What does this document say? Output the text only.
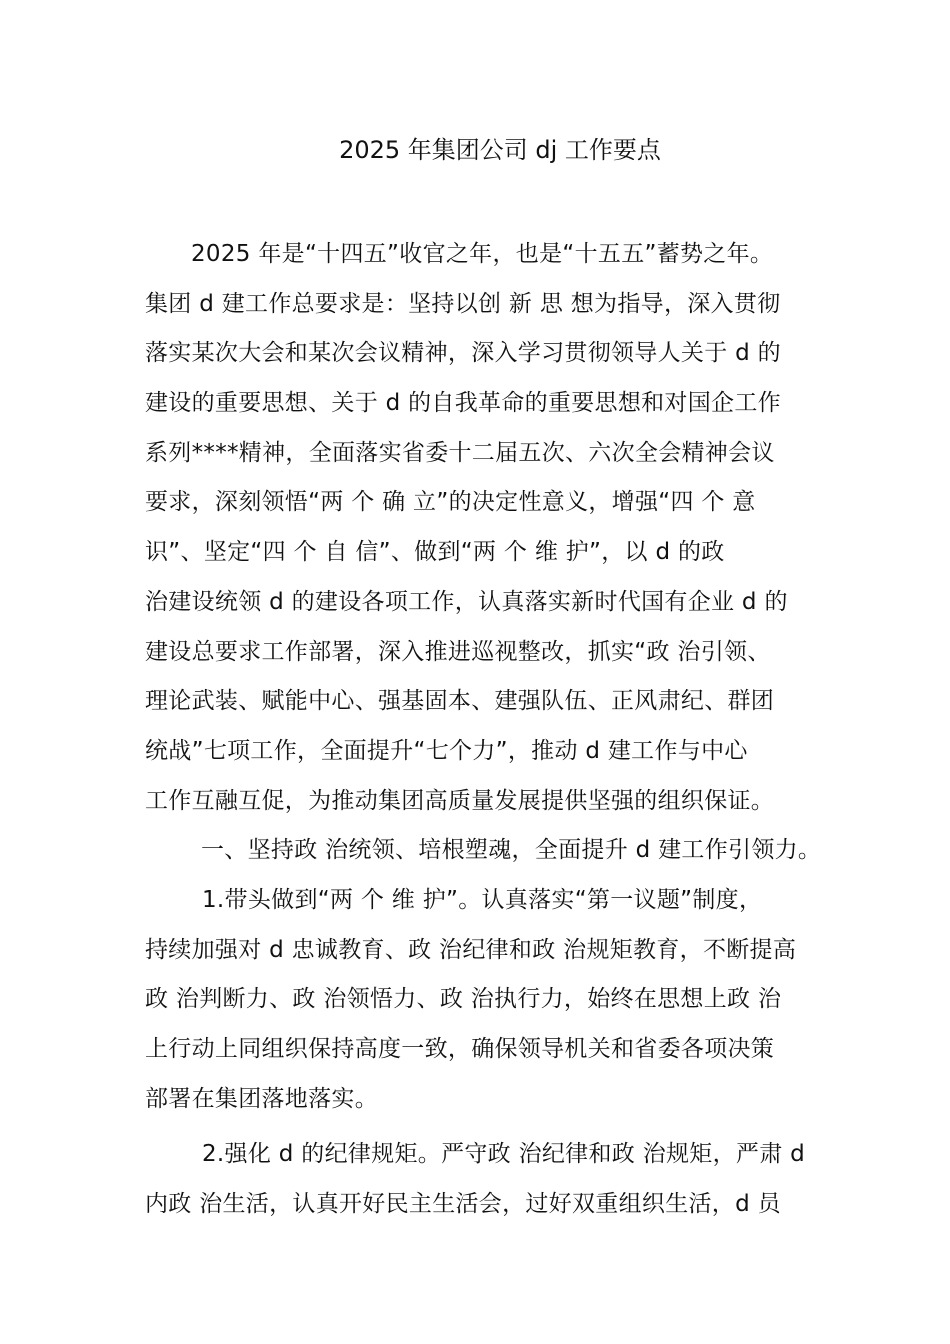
2025 年集团公司 dj 工作要点
2025 年是“十四五”收官之年，也是“十五五”蓄势之年。
集团 d 建工作总要求是：坚持以创 新 思 想为指导，深入贯彻
落实某次大会和某次会议精神，深入学习贯彻领导人关于 d 的
建设的重要思想、关于 d 的自我革命的重要思想和对国企工作
系列****精神，全面落实省委十二届五次、六次全会精神会议
要求，深刻领悟“两 个 确 立”的决定性意义，增强“四 个 意
识”、坚定“四 个 自 信”、做到“两 个 维 护”，以 d 的政
治建设统领 d 的建设各项工作，认真落实新时代国有企业 d 的
建设总要求工作部署，深入推进巡视整改，抓实“政 治引领、
理论武装、赋能中心、强基固本、建强队伍、正风肃纪、群团
统战”七项工作，全面提升“七个力”，推动 d 建工作与中心
工作互融互促，为推动集团高质量发展提供坚强的组织保证。
一、坚持政 治统领、培根塑魂，全面提升 d 建工作引领力。
1.带头做到“两 个 维 护”。认真落实“第一议题”制度，
持续加强对 d 忠诚教育、政 治纪律和政 治规矩教育，不断提高
政 治判断力、政 治领悟力、政 治执行力，始终在思想上政 治
上行动上同组织保持高度一致，确保领导机关和省委各项决策
部署在集团落地落实。
2.强化 d 的纪律规矩。严守政 治纪律和政 治规矩，严肃 d
内政 治生活，认真开好民主生活会，过好双重组织生活，d 员
